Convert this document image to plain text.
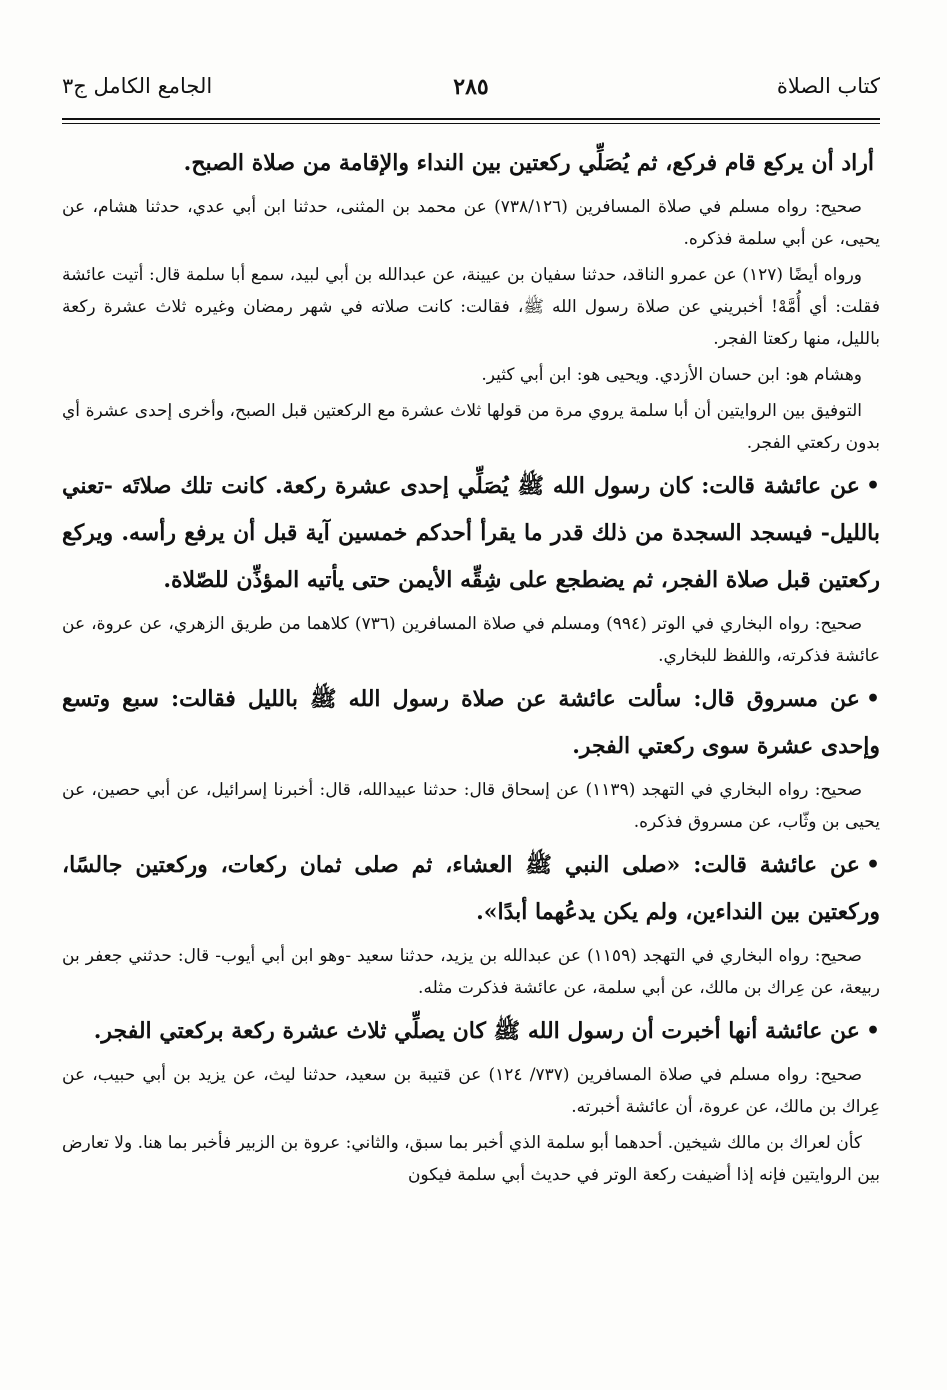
كتاب الصلاة
٢٨٥
الجامع الكامل ج٣

أراد أن يركع قام فركع، ثم يُصَلِّي ركعتين بين النداء والإقامة من صلاة الصبح.

صحيح: رواه مسلم في صلاة المسافرين (٧٣٨/١٢٦) عن محمد بن المثنى، حدثنا ابن أبي عدي، حدثنا هشام، عن يحيى، عن أبي سلمة فذكره.

ورواه أيضًا (١٢٧) عن عمرو الناقد، حدثنا سفيان بن عيينة، عن عبدالله بن أبي لبيد، سمع أبا سلمة قال: أتيت عائشة فقلت: أي أُمَّهْ! أخبريني عن صلاة رسول الله ﷺ، فقالت: كانت صلاته في شهر رمضان وغيره ثلاث عشرة ركعة بالليل، منها ركعتا الفجر.

وهشام هو: ابن حسان الأزدي. ويحيى هو: ابن أبي كثير.

التوفيق بين الروايتين أن أبا سلمة يروي مرة من قولها ثلاث عشرة مع الركعتين قبل الصبح، وأخرى إحدى عشرة أي بدون ركعتي الفجر.

•عن عائشة قالت: كان رسول الله ﷺ يُصَلِّي إحدى عشرة ركعة. كانت تلك صلاتَه -تعني بالليل- فيسجد السجدة من ذلك قدر ما يقرأ أحدكم خمسين آية قبل أن يرفع رأسه. ويركع ركعتين قبل صلاة الفجر، ثم يضطجع على شِقِّه الأيمن حتى يأتيه المؤذِّن للصّلاة.

صحيح: رواه البخاري في الوتر (٩٩٤) ومسلم في صلاة المسافرين (٧٣٦) كلاهما من طريق الزهري، عن عروة، عن عائشة فذكرته، واللفظ للبخاري.

•عن مسروق قال: سألت عائشة عن صلاة رسول الله ﷺ بالليل فقالت: سبع وتسع وإحدى عشرة سوى ركعتي الفجر.

صحيح: رواه البخاري في التهجد (١١٣٩) عن إسحاق قال: حدثنا عبيدالله، قال: أخبرنا إسرائيل، عن أبي حصين، عن يحيى بن وثّاب، عن مسروق فذكره.

•عن عائشة قالت: «صلى النبي ﷺ العشاء، ثم صلى ثمان ركعات، وركعتين جالسًا، وركعتين بين النداءين، ولم يكن يدعُهما أبدًا».

صحيح: رواه البخاري في التهجد (١١٥٩) عن عبدالله بن يزيد، حدثنا سعيد -وهو ابن أبي أيوب- قال: حدثني جعفر بن ربيعة، عن عِراك بن مالك، عن أبي سلمة، عن عائشة فذكرت مثله.

•عن عائشة أنها أخبرت أن رسول الله ﷺ كان يصلِّي ثلاث عشرة ركعة بركعتي الفجر.

صحيح: رواه مسلم في صلاة المسافرين (٧٣٧/ ١٢٤) عن قتيبة بن سعيد، حدثنا ليث، عن يزيد بن أبي حبيب، عن عِراك بن مالك، عن عروة، أن عائشة أخبرته.

كأن لعراك بن مالك شيخين. أحدهما أبو سلمة الذي أخبر بما سبق، والثاني: عروة بن الزبير فأخبر بما هنا. ولا تعارض بين الروايتين فإنه إذا أضيفت ركعة الوتر في حديث أبي سلمة فيكون
